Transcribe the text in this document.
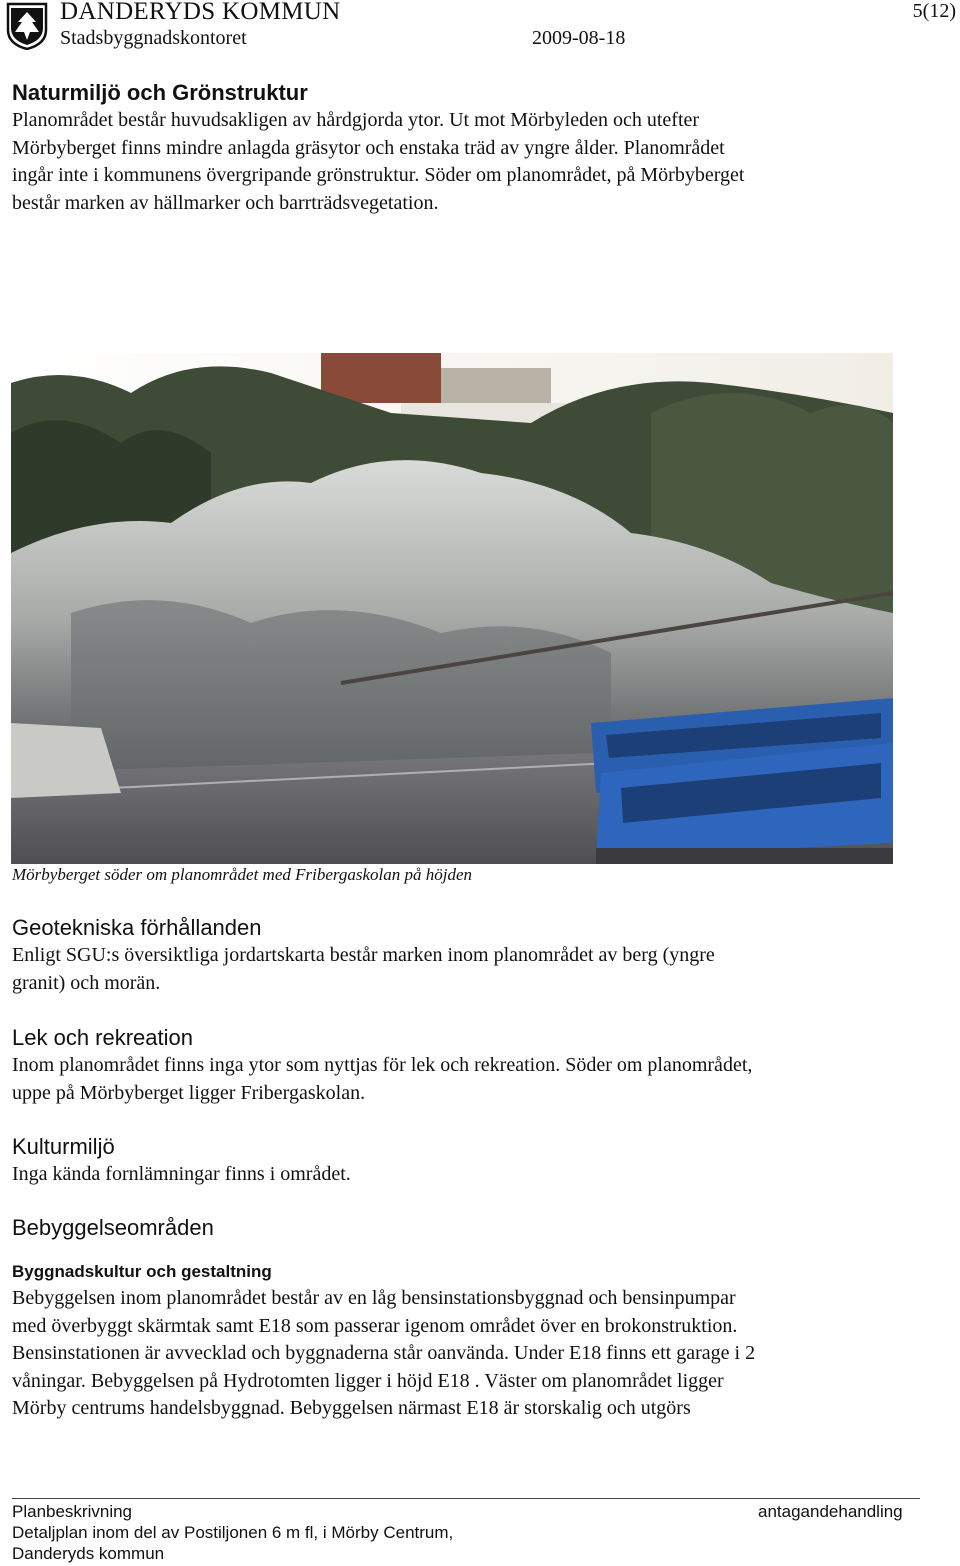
DANDERYDS KOMMUN
Stadsbyggnadskontoret	2009-08-18
5(12)
Naturmiljö och Grönstruktur
Planområdet består huvudsakligen av hårdgjorda ytor. Ut mot Mörbyleden och utefter
Mörbyberget finns mindre anlagda gräsytor och enstaka träd av yngre ålder. Planområdet
ingår inte i kommunens övergripande grönstruktur. Söder om planområdet, på Mörbyberget
består marken av hällmarker och barrträdsvegetation.
Mörbyberget söder om planområdet med Fribergaskolan på höjden
Geotekniska förhållanden
Enligt SGU:s översiktliga jordartskarta består marken inom planområdet av berg (yngre
granit) och morän.
Lek och rekreation
Inom planområdet finns inga ytor som nyttjas för lek och rekreation. Söder om planområdet,
uppe på Mörbyberget ligger Fribergaskolan.
Kulturmiljö
Inga kända fornlämningar finns i området.
Bebyggelseområden
Byggnadskultur och gestaltning
Bebyggelsen inom planområdet består av en låg bensinstationsbyggnad och bensinpumpar
med överbyggt skärmtak samt E18 som passerar igenom området över en brokonstruktion.
Bensinstationen är avvecklad och byggnaderna står oanvända. Under E18 finns ett garage i 2
våningar. Bebyggelsen på Hydrotomten ligger i höjd E18 . Väster om planområdet ligger
Mörby centrums handelsbyggnad. Bebyggelsen närmast E18 är storskalig och utgörs
Planbeskrivning	antagandehandling
Detaljplan inom del av Postiljonen 6 m fl, i Mörby Centrum,
Danderyds kommun
